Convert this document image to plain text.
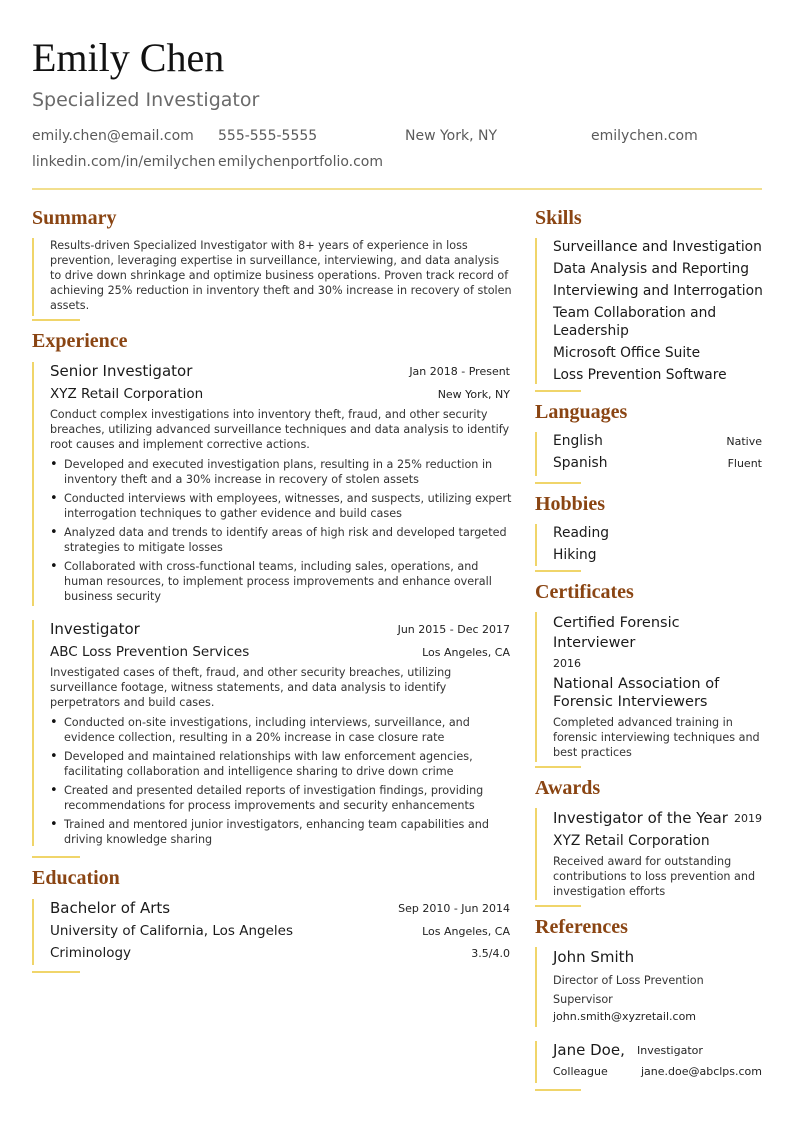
Emily Chen
Specialized Investigator
emily.chen@email.com 555-555-5555	New York, NY	emilychen.com
linkedin.com/in/emilychen emilychenportfolio.com
Summary
Results-driven Specialized Investigator with 8+ years of experience in loss prevention, leveraging expertise in surveillance, interviewing, and data analysis to drive down shrinkage and optimize business operations. Proven track record of achieving 25% reduction in inventory theft and 30% increase in recovery of stolen assets.
Experience
Senior Investigator	Jan 2018 - Present
XYZ Retail Corporation	New York, NY
Conduct complex investigations into inventory theft, fraud, and other security breaches, utilizing advanced surveillance techniques and data analysis to identify root causes and implement corrective actions.
• Developed and executed investigation plans, resulting in a 25% reduction in inventory theft and a 30% increase in recovery of stolen assets
• Conducted interviews with employees, witnesses, and suspects, utilizing expert interrogation techniques to gather evidence and build cases
• Analyzed data and trends to identify areas of high risk and developed targeted strategies to mitigate losses
• Collaborated with cross-functional teams, including sales, operations, and human resources, to implement process improvements and enhance overall business security
Investigator	Jun 2015 - Dec 2017
ABC Loss Prevention Services	Los Angeles, CA
Investigated cases of theft, fraud, and other security breaches, utilizing surveillance footage, witness statements, and data analysis to identify perpetrators and build cases.
• Conducted on-site investigations, including interviews, surveillance, and evidence collection, resulting in a 20% increase in case closure rate
• Developed and maintained relationships with law enforcement agencies, facilitating collaboration and intelligence sharing to drive down crime
• Created and presented detailed reports of investigation findings, providing recommendations for process improvements and security enhancements
• Trained and mentored junior investigators, enhancing team capabilities and driving knowledge sharing
Education
Bachelor of Arts	Sep 2010 - Jun 2014
University of California, Los Angeles	Los Angeles, CA
Criminology	3.5/4.0
Skills
Surveillance and Investigation
Data Analysis and Reporting
Interviewing and Interrogation
Team Collaboration and Leadership
Microsoft Office Suite
Loss Prevention Software
Languages
English	Native
Spanish	Fluent
Hobbies
Reading
Hiking
Certificates
Certified Forensic Interviewer
2016
National Association of Forensic Interviewers
Completed advanced training in forensic interviewing techniques and best practices
Awards
Investigator of the Year 2019
XYZ Retail Corporation
Received award for outstanding contributions to loss prevention and investigation efforts
References
John Smith
Director of Loss Prevention Supervisor
john.smith@xyzretail.com
Jane Doe, Investigator
Colleague	jane.doe@abclps.com
